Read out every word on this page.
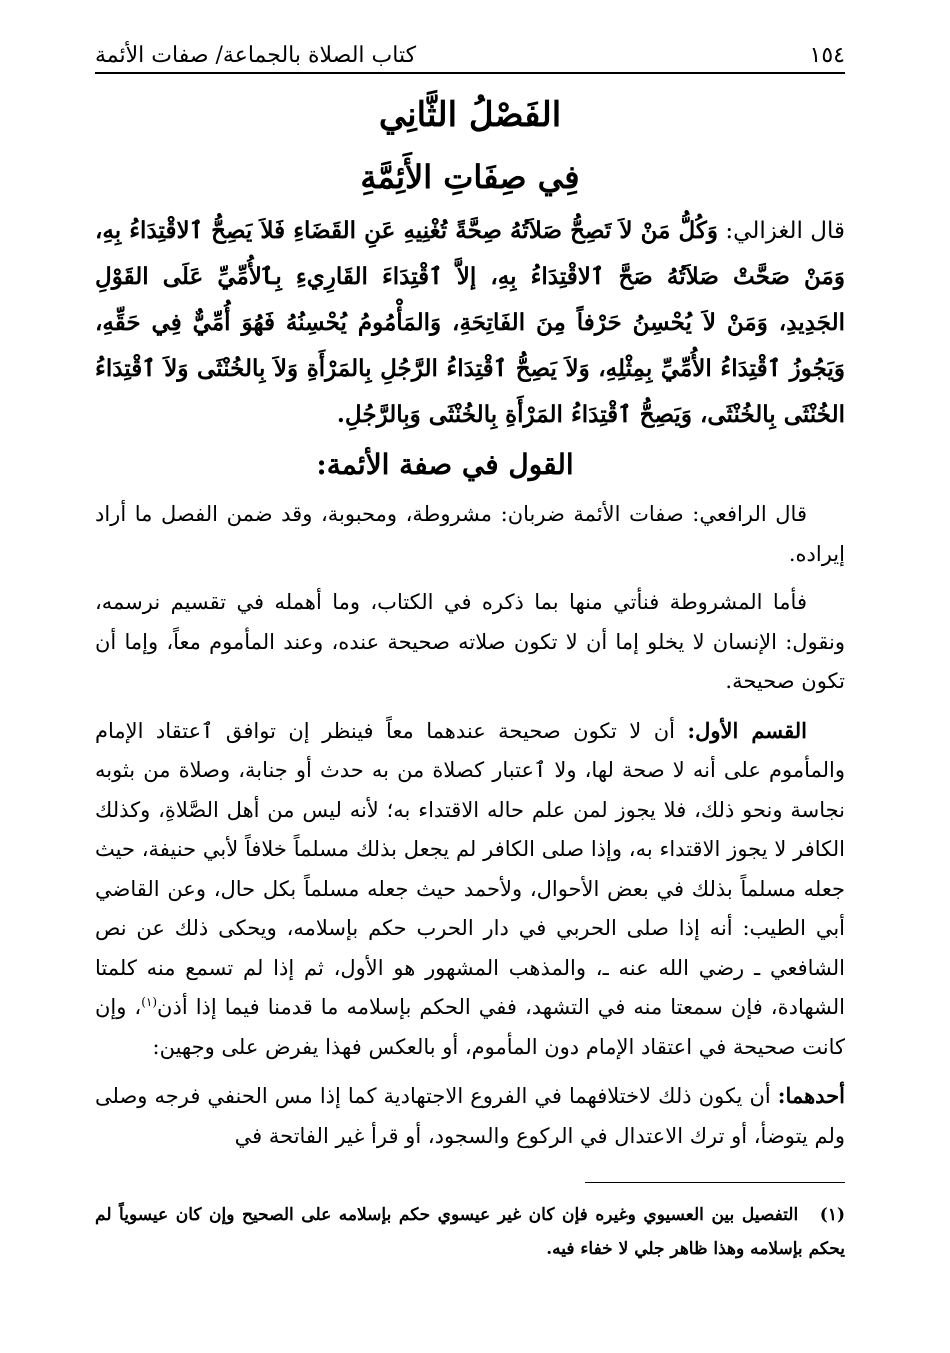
١٥٤
كتاب الصلاة بالجماعة/ صفات الأئمة
الفَصْلُ الثَّانِي
فِي صِفَاتِ الأَئِمَّةِ
قال الغزالي: وَكُلُّ مَنْ لاَ تَصِحُّ صَلاَتُهُ صِحَّةً تُغْنِيهِ عَنِ القَضَاءِ فَلاَ يَصِحُّ ٱلاقْتِدَاءُ بِهِ، وَمَنْ صَحَّتْ صَلاَتُهُ صَحَّ ٱلاقْتِدَاءُ بِهِ، إلاَّ ٱقْتِدَاءَ القَارِيءِ بِٱلأُمِّيِّ عَلَى القَوْلِ الجَدِيدِ، وَمَنْ لاَ يُحْسِنُ حَرْفاً مِنَ الفَاتِحَةِ، وَالمَأْمُومُ يُحْسِنُهُ فَهُوَ أُمِّيٌّ فِي حَقِّهِ، وَيَجُوزُ ٱقْتِدَاءُ الأُمِّيِّ بِمِثْلِهِ، وَلاَ يَصِحُّ ٱقْتِدَاءُ الرَّجُلِ بِالمَرْأَةِ وَلاَ بِالخُنْثَى وَلاَ ٱقْتِدَاءُ الخُنْثَى بِالخُنْثَى، وَيَصِحُّ ٱقْتِدَاءُ المَرْأَةِ بِالخُنْثَى وَبِالرَّجُلِ.
القول في صفة الأئمة:

قال الرافعي: صفات الأئمة ضربان: مشروطة، ومحبوبة، وقد ضمن الفصل ما أراد إيراده.

فأما المشروطة فنأتي منها بما ذكره في الكتاب، وما أهمله في تقسيم نرسمه، ونقول: الإنسان لا يخلو إما أن لا تكون صلاته صحيحة عنده، وعند المأموم معاً، وإما أن تكون صحيحة.

القسم الأول: أن لا تكون صحيحة عندهما معاً فينظر إن توافق ٱعتقاد الإمام والمأموم على أنه لا صحة لها، ولا ٱعتبار كصلاة من به حدث أو جنابة، وصلاة من بثوبه نجاسة ونحو ذلك، فلا يجوز لمن علم حاله الاقتداء به؛ لأنه ليس من أهل الصَّلاةِ، وكذلك الكافر لا يجوز الاقتداء به، وإذا صلى الكافر لم يجعل بذلك مسلماً خلافاً لأبي حنيفة، حيث جعله مسلماً بذلك في بعض الأحوال، ولأحمد حيث جعله مسلماً بكل حال، وعن القاضي أبي الطيب: أنه إذا صلى الحربي في دار الحرب حكم بإسلامه، ويحكى ذلك عن نص الشافعي ـ رضي الله عنه ـ، والمذهب المشهور هو الأول، ثم إذا لم تسمع منه كلمتا الشهادة، فإن سمعتا منه في التشهد، ففي الحكم بإسلامه ما قدمنا فيما إذا أذن$^{(١)}$، وإن كانت صحيحة في اعتقاد الإمام دون المأموم، أو بالعكس فهذا يفرض على وجهين:

أحدهما: أن يكون ذلك لاختلافهما في الفروع الاجتهادية كما إذا مس الحنفي فرجه وصلى ولم يتوضأ، أو ترك الاعتدال في الركوع والسجود، أو قرأ غير الفاتحة في

(١) التفصيل بين العسيوي وغيره فإن كان غير عيسوي حكم بإسلامه على الصحيح وإن كان عيسوياً لم يحكم بإسلامه وهذا ظاهر جلي لا خفاء فيه.
